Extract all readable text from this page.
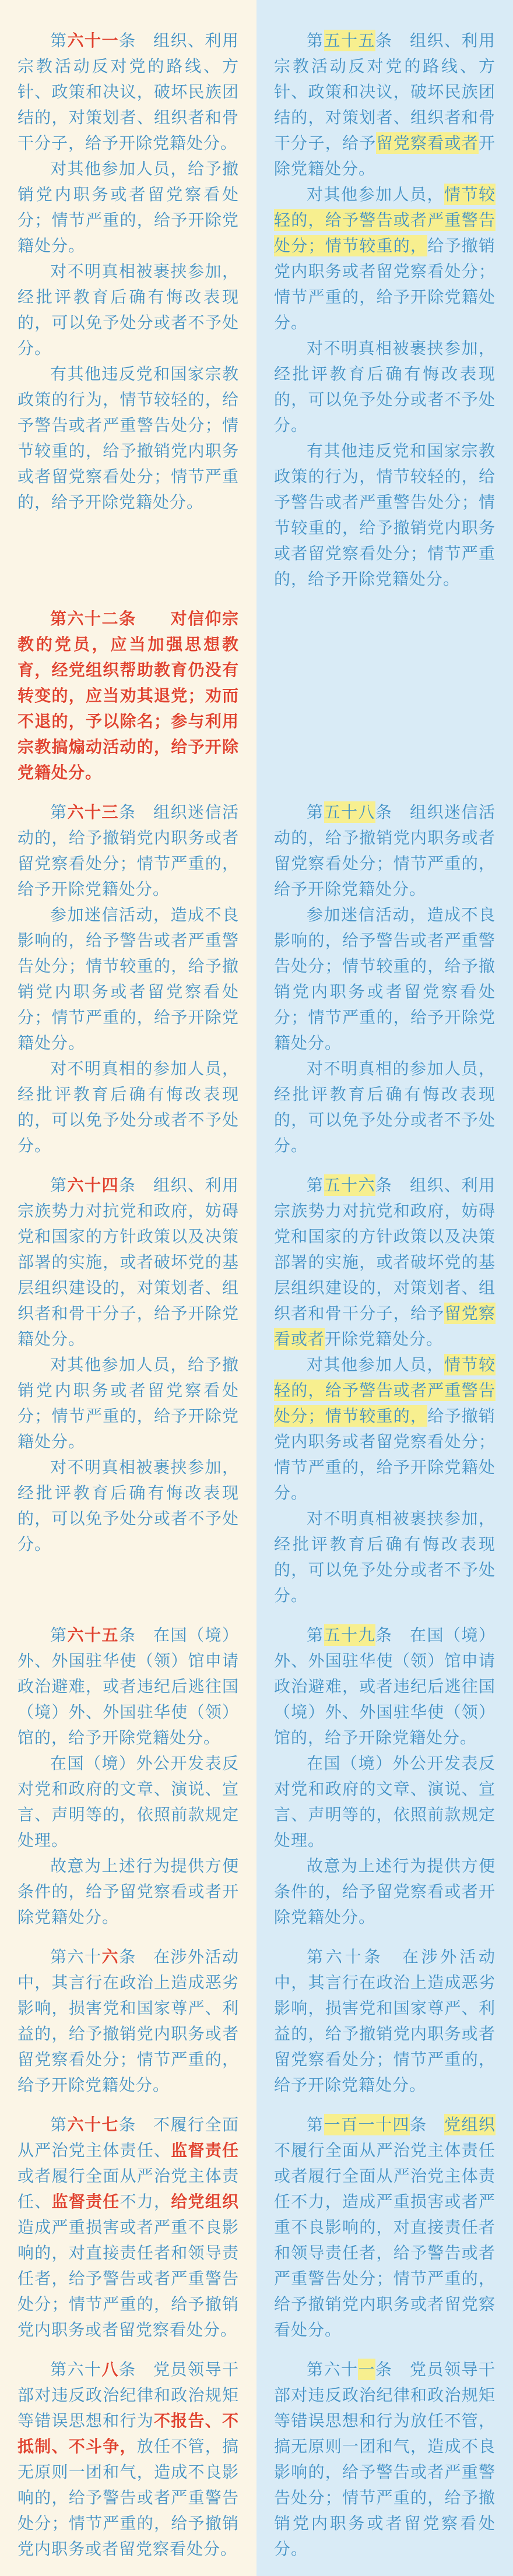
第六十一条　 组织、利用宗教活动反对党的路线、方针、政策和决议，破坏民族团结的，对策划者、组织者和骨干分子，给予开除党籍处分。

对其他参加人员，给予撤销党内职务或者留党察看处分；情节严重的，给予开除党籍处分。

对不明真相被裹挟参加，经批评教育后确有悔改表现的，可以免予处分或者不予处分。

有其他违反党和国家宗教政策的行为，情节较轻的，给予警告或者严重警告处分；情节较重的，给予撤销党内职务或者留党察看处分；情节严重的，给予开除党籍处分。

第五十五条　 组织、利用宗教活动反对党的路线、方针、政策和决议，破坏民族团结的，对策划者、组织者和骨干分子，给予留党察看或者开除党籍处分。

对其他参加人员，情节较轻的，给予警告或者严重警告处分；情节较重的，给予撤销党内职务或者留党察看处分；情节严重的，给予开除党籍处分。

对不明真相被裹挟参加，经批评教育后确有悔改表现的，可以免予处分或者不予处分。

有其他违反党和国家宗教政策的行为，情节较轻的，给予警告或者严重警告处分；情节较重的，给予撤销党内职务或者留党察看处分；情节严重的，给予开除党籍处分。

第六十二条　　 对信仰宗教的党员，应当加强思想教育，经党组织帮助教育仍没有转变的，应当劝其退党；劝而不退的，予以除名；参与利用宗教搞煽动活动的，给予开除党籍处分。

第六十三条　 组织迷信活动的，给予撤销党内职务或者留党察看处分；情节严重的，给予开除党籍处分。

参加迷信活动，造成不良影响的，给予警告或者严重警告处分；情节较重的，给予撤销党内职务或者留党察看处分；情节严重的，给予开除党籍处分。

对不明真相的参加人员，经批评教育后确有悔改表现的，可以免予处分或者不予处分。

第五十八条　 组织迷信活动的，给予撤销党内职务或者留党察看处分；情节严重的，给予开除党籍处分。

参加迷信活动，造成不良影响的，给予警告或者严重警告处分；情节较重的，给予撤销党内职务或者留党察看处分；情节严重的，给予开除党籍处分。

对不明真相的参加人员，经批评教育后确有悔改表现的，可以免予处分或者不予处分。

第六十四条　 组织、利用宗族势力对抗党和政府，妨碍党和国家的方针政策以及决策部署的实施，或者破坏党的基层组织建设的，对策划者、组织者和骨干分子，给予开除党籍处分。

对其他参加人员，给予撤销党内职务或者留党察看处分；情节严重的，给予开除党籍处分。

对不明真相被裹挟参加，经批评教育后确有悔改表现的，可以免予处分或者不予处分。

第五十六条　 组织、利用宗族势力对抗党和政府，妨碍党和国家的方针政策以及决策部署的实施，或者破坏党的基层组织建设的，对策划者、组织者和骨干分子，给予留党察看或者开除党籍处分。

对其他参加人员，情节较轻的，给予警告或者严重警告处分；情节较重的，给予撤销党内职务或者留党察看处分；情节严重的，给予开除党籍处分。

对不明真相被裹挟参加，经批评教育后确有悔改表现的，可以免予处分或者不予处分。

第六十五条　 在国（境）外、外国驻华使（领）馆申请政治避难，或者违纪后逃往国（境）外、外国驻华使（领）馆的，给予开除党籍处分。

在国（境）外公开发表反对党和政府的文章、演说、宣言、声明等的，依照前款规定处理。

故意为上述行为提供方便条件的，给予留党察看或者开除党籍处分。

第五十九条　 在国（境）外、外国驻华使（领）馆申请政治避难，或者违纪后逃往国（境）外、外国驻华使（领）馆的，给予开除党籍处分。

在国（境）外公开发表反对党和政府的文章、演说、宣言、声明等的，依照前款规定处理。

故意为上述行为提供方便条件的，给予留党察看或者开除党籍处分。

第六十六条　 在涉外活动中，其言行在政治上造成恶劣影响，损害党和国家尊严、利益的，给予撤销党内职务或者留党察看处分；情节严重的，给予开除党籍处分。

第六十条　 在涉外活动中，其言行在政治上造成恶劣影响，损害党和国家尊严、利益的，给予撤销党内职务或者留党察看处分；情节严重的，给予开除党籍处分。

第六十七条　 不履行全面从严治党主体责任、监督责任或者履行全面从严治党主体责任、监督责任不力，给党组织造成严重损害或者严重不良影响的，对直接责任者和领导责任者，给予警告或者严重警告处分；情节严重的，给予撤销党内职务或者留党察看处分。

第一百一十四条　 党组织不履行全面从严治党主体责任或者履行全面从严治党主体责任不力，造成严重损害或者严重不良影响的，对直接责任者和领导责任者，给予警告或者严重警告处分；情节严重的，给予撤销党内职务或者留党察看处分。

第六十八条　 党员领导干部对违反政治纪律和政治规矩等错误思想和行为不报告、不抵制、不斗争，放任不管，搞无原则一团和气，造成不良影响的，给予警告或者严重警告处分；情节严重的，给予撤销党内职务或者留党察看处分。

第六十一条　 党员领导干部对违反政治纪律和政治规矩等错误思想和行为放任不管，搞无原则一团和气，造成不良影响的，给予警告或者严重警告处分；情节严重的，给予撤销党内职务或者留党察看处分。
